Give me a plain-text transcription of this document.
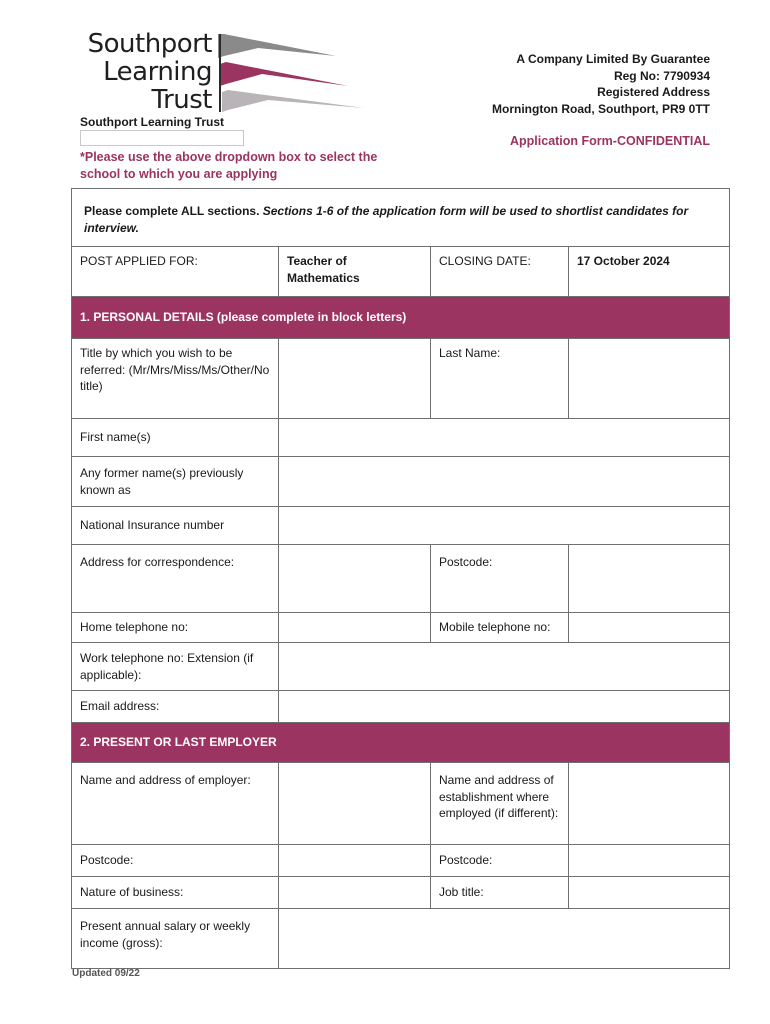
Southport
Learning
Trust
Southport Learning Trust
*Please use the above dropdown box to select the school to which you are applying
A Company Limited By Guarantee
Reg No: 7790934
Registered Address
Mornington Road, Southport, PR9 0TT
Application Form-CONFIDENTIAL
Please complete ALL sections. Sections 1-6 of the application form will be used to shortlist candidates for interview.			
POST APPLIED FOR:	Teacher of Mathematics	CLOSING DATE:	17 October 2024
1. PERSONAL DETAILS (please complete in block letters)			
Title by which you wish to be referred: (Mr/Mrs/Miss/Ms/Other/No title)		Last Name:	
First name(s)			
Any former name(s) previously known as			
National Insurance number			
Address for correspondence:		Postcode:	
Home telephone no:		Mobile telephone no:	
Work telephone no: Extension (if applicable):			
Email address:			
2. PRESENT OR LAST EMPLOYER			
Name and address of employer:		Name and address of establishment where employed (if different):	
Postcode:		Postcode:	
Nature of business:		Job title:	
Present annual salary or weekly income (gross):			
Updated 09/22
